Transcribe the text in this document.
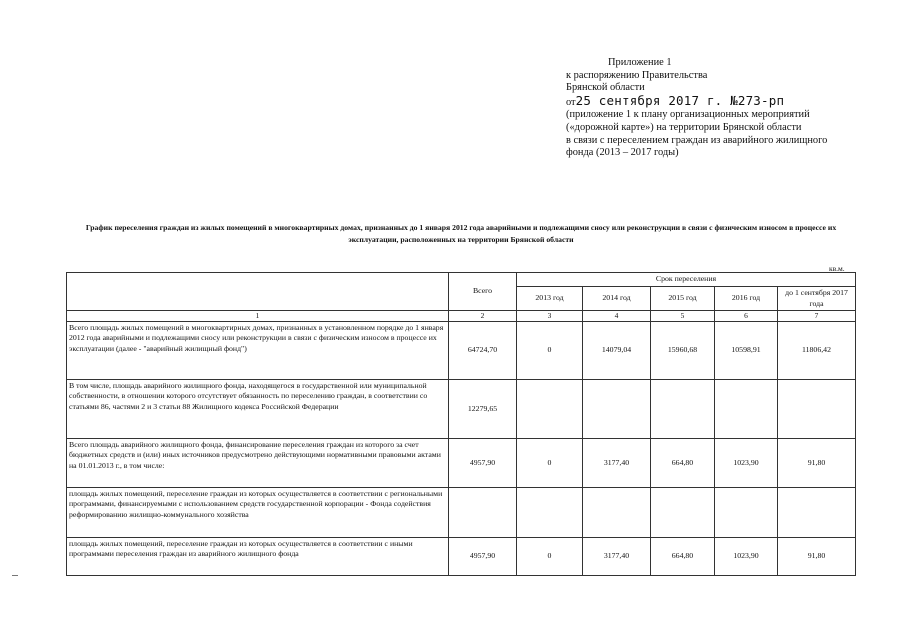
Приложение 1
к распоряжению Правительства
Брянской области
от25 сентября 2017 г. №273-рп
(приложение 1 к плану организационных мероприятий
(«дорожной карте») на территории Брянской области
в связи с переселением граждан из аварийного жилищного
фонда (2013 – 2017 годы)
График переселения граждан из жилых помещений в многоквартирных домах, признанных до 1 января 2012 года аварийными и подлежащими сносу или реконструкции в связи с физическим износом в процессе их эксплуатации, расположенных на территории Брянской области
кв.м.
	Всего	Срок переселения				
		2013 год	2014 год	2015 год	2016 год	до 1 сентября 2017 года
1	2	3	4	5	6	7
Всего площадь жилых помещений в многоквартирных домах, признанных в установленном порядке до 1 января 2012 года аварийными и подлежащими сносу или реконструкции в связи с физическим износом в процессе их эксплуатации (далее - "аварийный жилищный фонд")	64724,70	0	14079,04	15960,68	10598,91	11806,42
В том числе, площадь аварийного жилищного фонда, находящегося в государственной или муниципальной собственности, в отношении которого отсутствует обязанность по переселению граждан, в соответствии со статьями 86, частями 2 и 3 статьи 88 Жилищного кодекса Российской Федерации	12279,65					
Всего площадь аварийного жилищного фонда, финансирование переселения граждан из которого за счет бюджетных средств и (или) иных источников предусмотрено действующими нормативными правовыми актами на 01.01.2013 г., в том числе:	4957,90	0	3177,40	664,80	1023,90	91,80
площадь жилых помещений, переселение граждан из которых осуществляется в соответствии с региональными программами, финансируемыми с использованием средств государственной корпорации - Фонда содействия реформированию жилищно-коммунального хозяйства						
площадь жилых помещений, переселение граждан из которых осуществляется в соответствии с иными программами переселения граждан из аварийного жилищного фонда	4957,90	0	3177,40	664,80	1023,90	91,80
